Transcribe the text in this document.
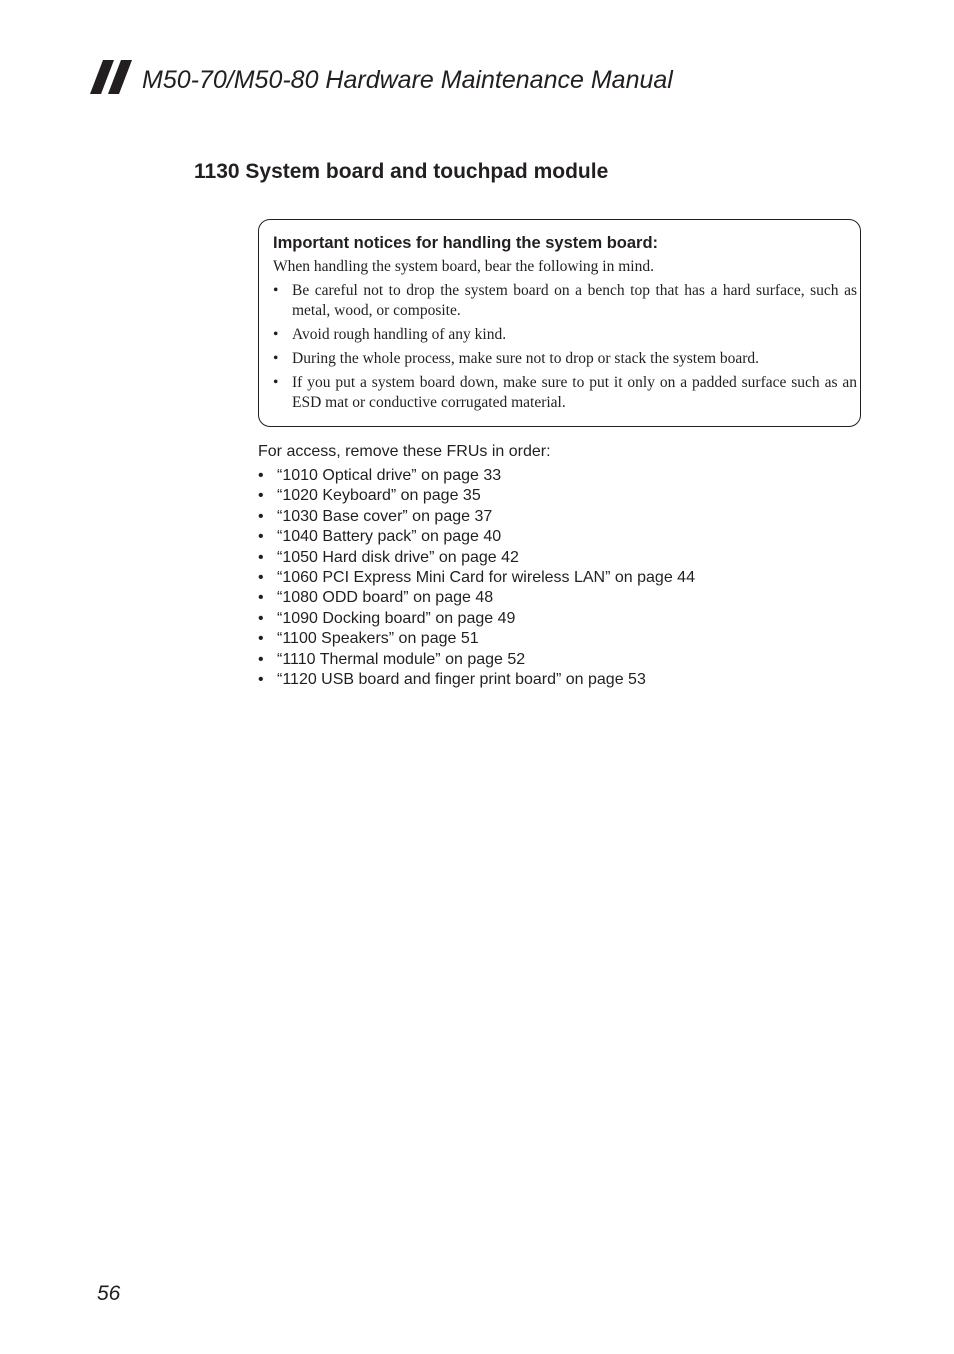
M50-70/M50-80 Hardware Maintenance Manual
1130 System board and touchpad module
Important notices for handling the system board:
When handling the system board, bear the following in mind.
• Be careful not to drop the system board on a bench top that has a hard surface, such as metal, wood, or composite.
• Avoid rough handling of any kind.
• During the whole process, make sure not to drop or stack the system board.
• If you put a system board down, make sure to put it only on a padded surface such as an ESD mat or conductive corrugated material.
For access, remove these FRUs in order:
• “1010 Optical drive” on page 33
• “1020 Keyboard” on page 35
• “1030 Base cover” on page 37
• “1040 Battery pack” on page 40
• “1050 Hard disk drive” on page 42
• “1060 PCI Express Mini Card for wireless LAN” on page 44
• “1080 ODD board” on page 48
• “1090 Docking board” on page 49
• “1100 Speakers” on page 51
• “1110 Thermal module” on page 52
• “1120 USB board and finger print board” on page 53
56
